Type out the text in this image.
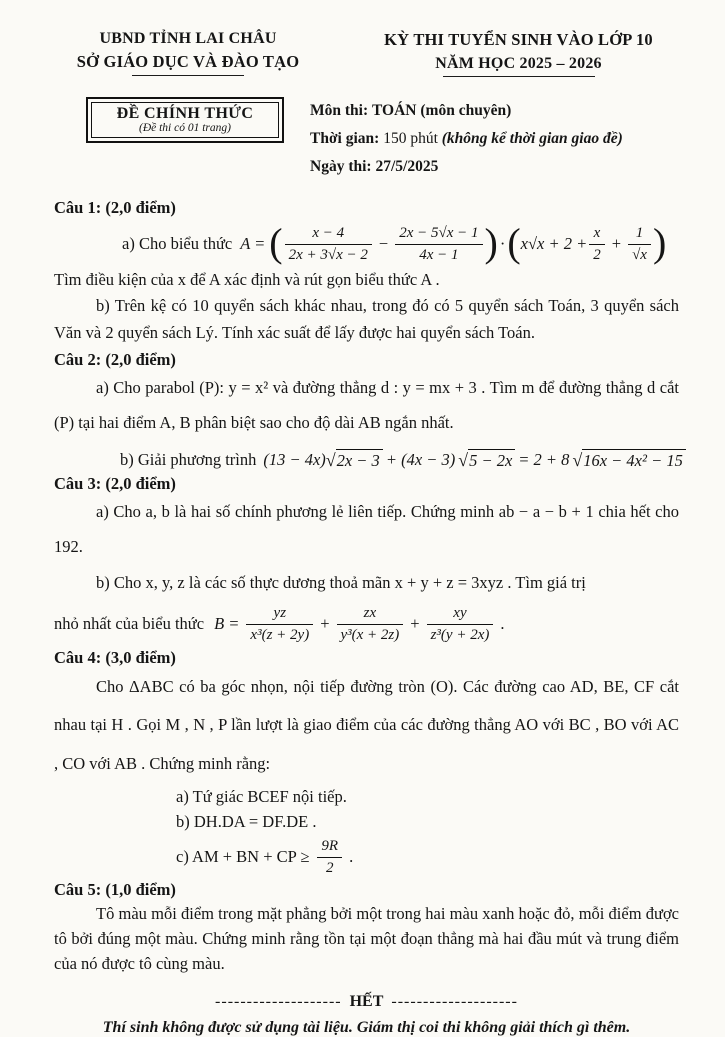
UBND TỈNH LAI CHÂU
SỞ GIÁO DỤC VÀ ĐÀO TẠO
KỲ THI TUYỂN SINH VÀO LỚP 10
NĂM HỌC 2025 – 2026
ĐỀ CHÍNH THỨC
(Đề thi có 01 trang)
Môn thi: TOÁN (môn chuyên)
Thời gian: 150 phút (không kể thời gian giao đề)
Ngày thi: 27/5/2025
Câu 1: (2,0 điểm)
a) Cho biểu thức A = ( $\frac{x - 4}{2x + 3√x - 2} - \frac{2x - 5√x - 1}{4x - 1}$ ) · ( $x√x + 2 + \frac{x}{2} + \frac{1}{√x}$ )

Tìm điều kiện của x để A xác định và rút gọn biểu thức A .

b) Trên kệ có 10 quyển sách khác nhau, trong đó có 5 quyển sách Toán, 3 quyển sách Văn và 2 quyển sách Lý. Tính xác suất để lấy được hai quyển sách Toán.

Câu 2: (2,0 điểm)

a) Cho parabol (P): y = x² và đường thẳng d : y = mx + 3 . Tìm m để đường thẳng d cắt (P) tại hai điểm A, B phân biệt sao cho độ dài AB ngắn nhất.

b) Giải phương trình (13 − 4x) √2x − 3 + (4x − 3) √5 − 2x = 2 + 8 √16x − 4x² − 15
Câu 3: (2,0 điểm)

a) Cho a, b là hai số chính phương lẻ liên tiếp. Chứng minh ab − a − b + 1 chia hết cho 192.

b) Cho x, y, z là các số thực dương thoả mãn x + y + z = 3xyz . Tìm giá trị

nhỏ nhất của biểu thức $B = \frac{yz}{\text{x³(z + 2y)}} + \frac{zx}{\text{y³(x + 2z)}} + \frac{xy}{\text{z³(y + 2x)}}$ .
Câu 4: (3,0 điểm)

Cho ΔABC có ba góc nhọn, nội tiếp đường tròn (O). Các đường cao AD, BE, CF cắt nhau tại H . Gọi M , N , P lần lượt là giao điểm của các đường thẳng AO với BC , BO với AC , CO với AB . Chứng minh rằng:

a) Tứ giác BCEF nội tiếp.
b) DH.DA = DF.DE .
c) AM + BN + CP ≥ $\frac{9R}{2}$ .
Câu 5: (1,0 điểm)

Tô màu mỗi điểm trong mặt phẳng bởi một trong hai màu xanh hoặc đỏ, mỗi điểm được tô bởi đúng một màu. Chứng minh rằng tồn tại một đoạn thẳng mà hai đầu mút và trung điểm của nó được tô cùng màu.

-------------------- HẾT --------------------
Thí sinh không được sử dụng tài liệu. Giám thị coi thi không giải thích gì thêm.
